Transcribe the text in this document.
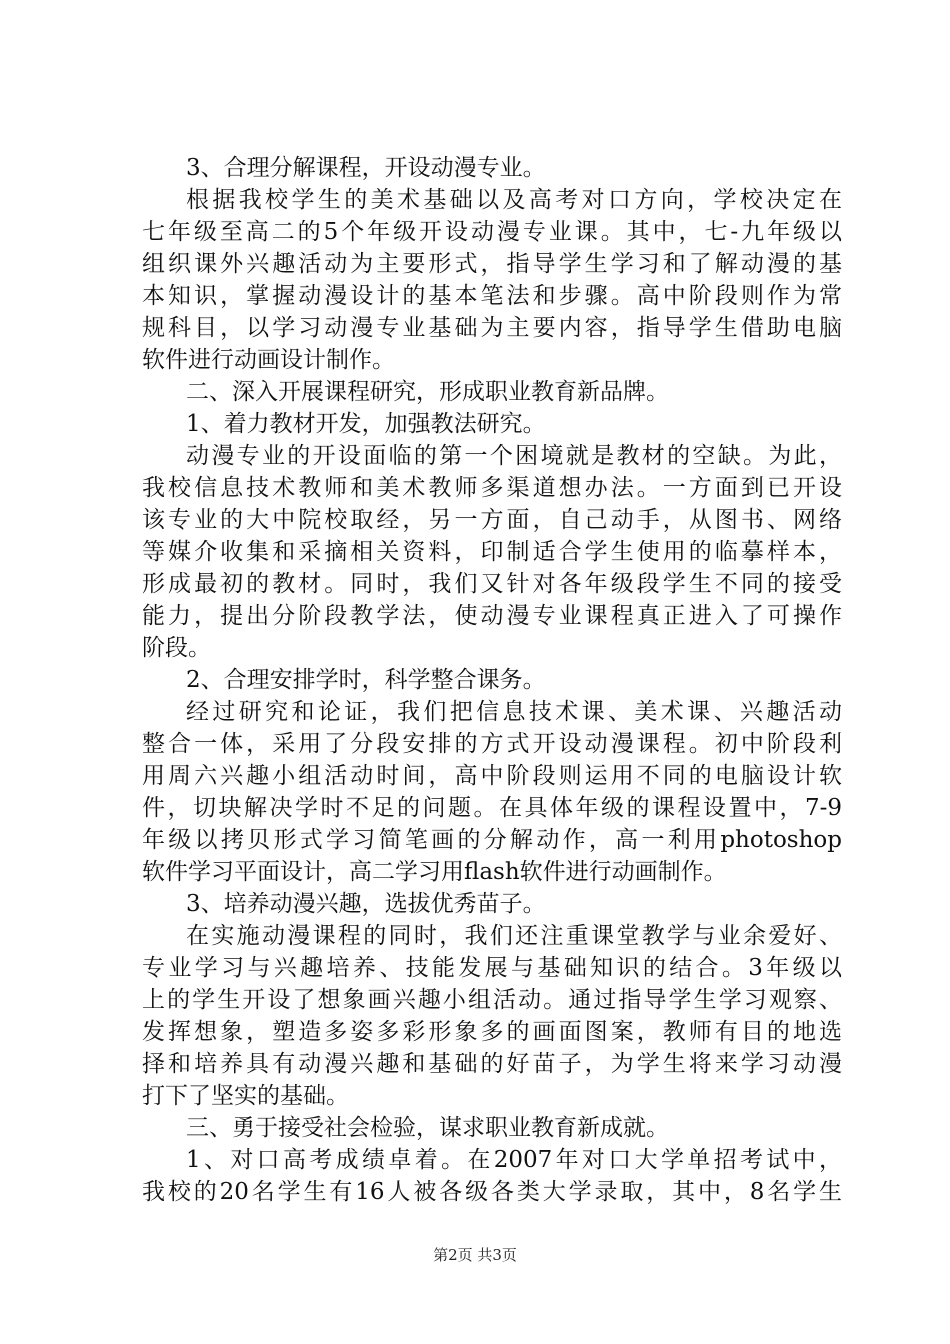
3、合理分解课程，开设动漫专业。
根据我校学生的美术基础以及高考对口方向，学校决定在
七年级至高二的5个年级开设动漫专业课。其中，七-九年级以
组织课外兴趣活动为主要形式，指导学生学习和了解动漫的基
本知识，掌握动漫设计的基本笔法和步骤。高中阶段则作为常
规科目，以学习动漫专业基础为主要内容，指导学生借助电脑
软件进行动画设计制作。
二、深入开展课程研究，形成职业教育新品牌。
1、着力教材开发，加强教法研究。
动漫专业的开设面临的第一个困境就是教材的空缺。为此，
我校信息技术教师和美术教师多渠道想办法。一方面到已开设
该专业的大中院校取经，另一方面，自己动手，从图书、网络
等媒介收集和采摘相关资料，印制适合学生使用的临摹样本，
形成最初的教材。同时，我们又针对各年级段学生不同的接受
能力，提出分阶段教学法，使动漫专业课程真正进入了可操作
阶段。
2、合理安排学时，科学整合课务。
经过研究和论证，我们把信息技术课、美术课、兴趣活动
整合一体，采用了分段安排的方式开设动漫课程。初中阶段利
用周六兴趣小组活动时间，高中阶段则运用不同的电脑设计软
件，切块解决学时不足的问题。在具体年级的课程设置中，7-9
年级以拷贝形式学习简笔画的分解动作，高一利用photoshop
软件学习平面设计，高二学习用flash软件进行动画制作。
3、培养动漫兴趣，选拔优秀苗子。
在实施动漫课程的同时，我们还注重课堂教学与业余爱好、
专业学习与兴趣培养、技能发展与基础知识的结合。3年级以
上的学生开设了想象画兴趣小组活动。通过指导学生学习观察、
发挥想象，塑造多姿多彩形象多的画面图案，教师有目的地选
择和培养具有动漫兴趣和基础的好苗子，为学生将来学习动漫
打下了坚实的基础。
三、勇于接受社会检验，谋求职业教育新成就。
1、对口高考成绩卓着。在2007年对口大学单招考试中，
我校的20名学生有16人被各级各类大学录取，其中，8名学生
第2页 共3页
